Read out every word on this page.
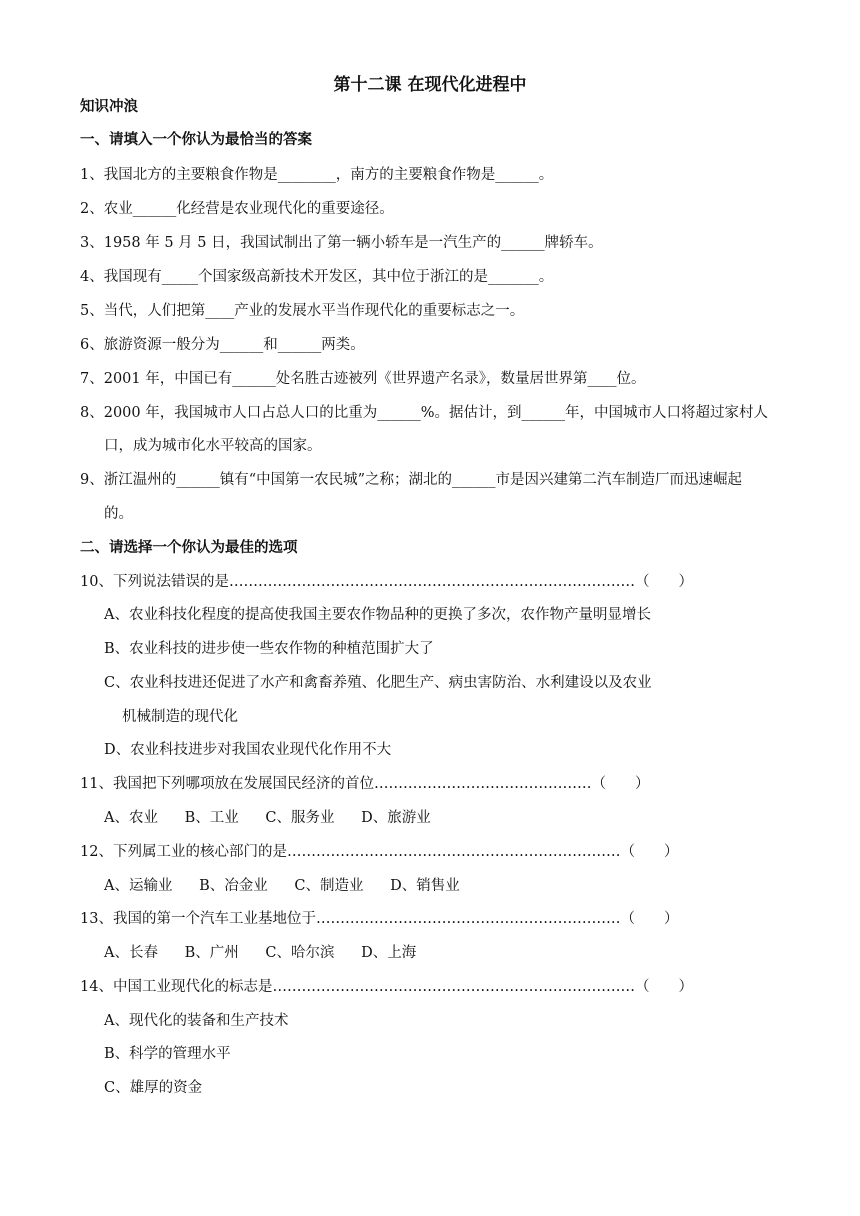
第十二课 在现代化进程中
知识冲浪
一、请填入一个你认为最恰当的答案
1、我国北方的主要粮食作物是________，南方的主要粮食作物是______。
2、农业______化经营是农业现代化的重要途径。
3、1958 年 5 月 5 日，我国试制出了第一辆小轿车是一汽生产的______牌轿车。
4、我国现有_____个国家级高新技术开发区，其中位于浙江的是_______。
5、当代，人们把第____产业的发展水平当作现代化的重要标志之一。
6、旅游资源一般分为______和______两类。
7、2001 年，中国已有______处名胜古迹被列《世界遗产名录》，数量居世界第____位。
8、2000 年，我国城市人口占总人口的比重为______%。据估计，到______年，中国城市人口将超过家村人
口，成为城市化水平较高的国家。
9、浙江温州的______镇有“中国第一农民城”之称；湖北的______市是因兴建第二汽车制造厂而迅速崛起
的。
二、请选择一个你认为最佳的选项
10、下列说法错误的是…………………………………………………………………………（　　）
A、农业科技化程度的提高使我国主要农作物品种的更换了多次，农作物产量明显增长
B、农业科技的进步使一些农作物的种植范围扩大了
C、农业科技进还促进了水产和禽畜养殖、化肥生产、病虫害防治、水利建设以及农业
机械制造的现代化
D、农业科技进步对我国农业现代化作用不大
11、我国把下列哪项放在发展国民经济的首位………………………………………（　　）
A、农业 B、工业 C、服务业 D、旅游业
12、下列属工业的核心部门的是……………………………………………………………（　　）
A、运输业 B、冶金业 C、制造业 D、销售业
13、我国的第一个汽车工业基地位于………………………………………………………（　　）
A、长春 B、广州 C、哈尔滨 D、上海
14、中国工业现代化的标志是…………………………………………………………………（　　）
A、现代化的装备和生产技术
B、科学的管理水平
C、雄厚的资金
